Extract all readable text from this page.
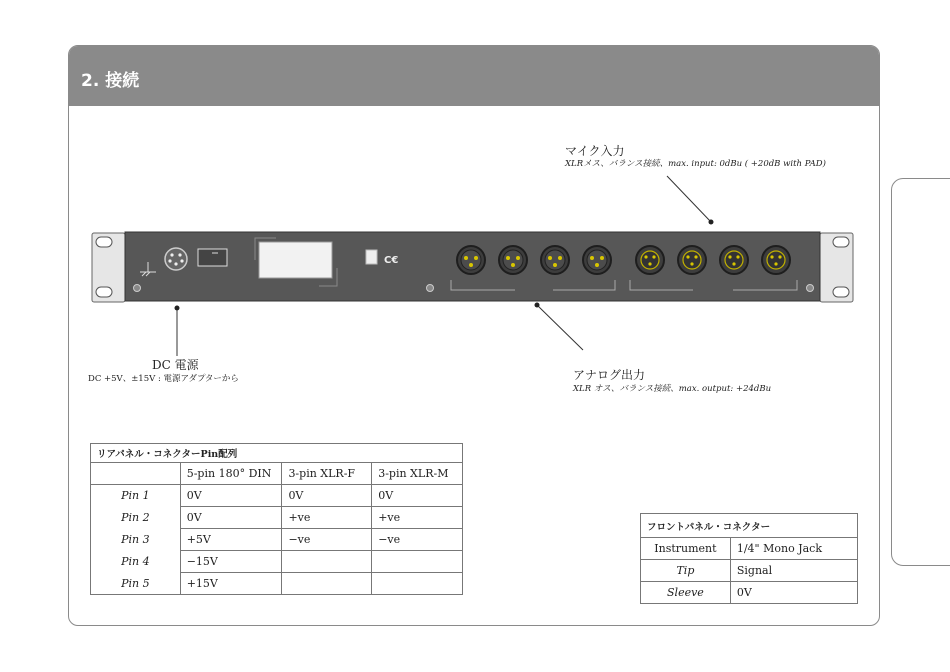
2. 接続
C€
マイク入力
XLRメス、バランス接続、max. input: 0dBu ( +20dB with PAD)
DC 電源
DC +5V、±15V : 電源アダプターから	アナログ出力
XLR オス、バランス接続、max. output: +24dBu
リアパネル・コネクターPin配列			
	5-pin 180° DIN	3-pin XLR-F	3-pin XLR-M
Pin 1	0V	0V	0V
Pin 2	0V	+ve	+ve
Pin 3	+5V	−ve	−ve
Pin 4	−15V		
Pin 5	+15V		
フロントパネル・コネクター	
Instrument	1/4" Mono Jack
Tip	Signal
Sleeve	0V
